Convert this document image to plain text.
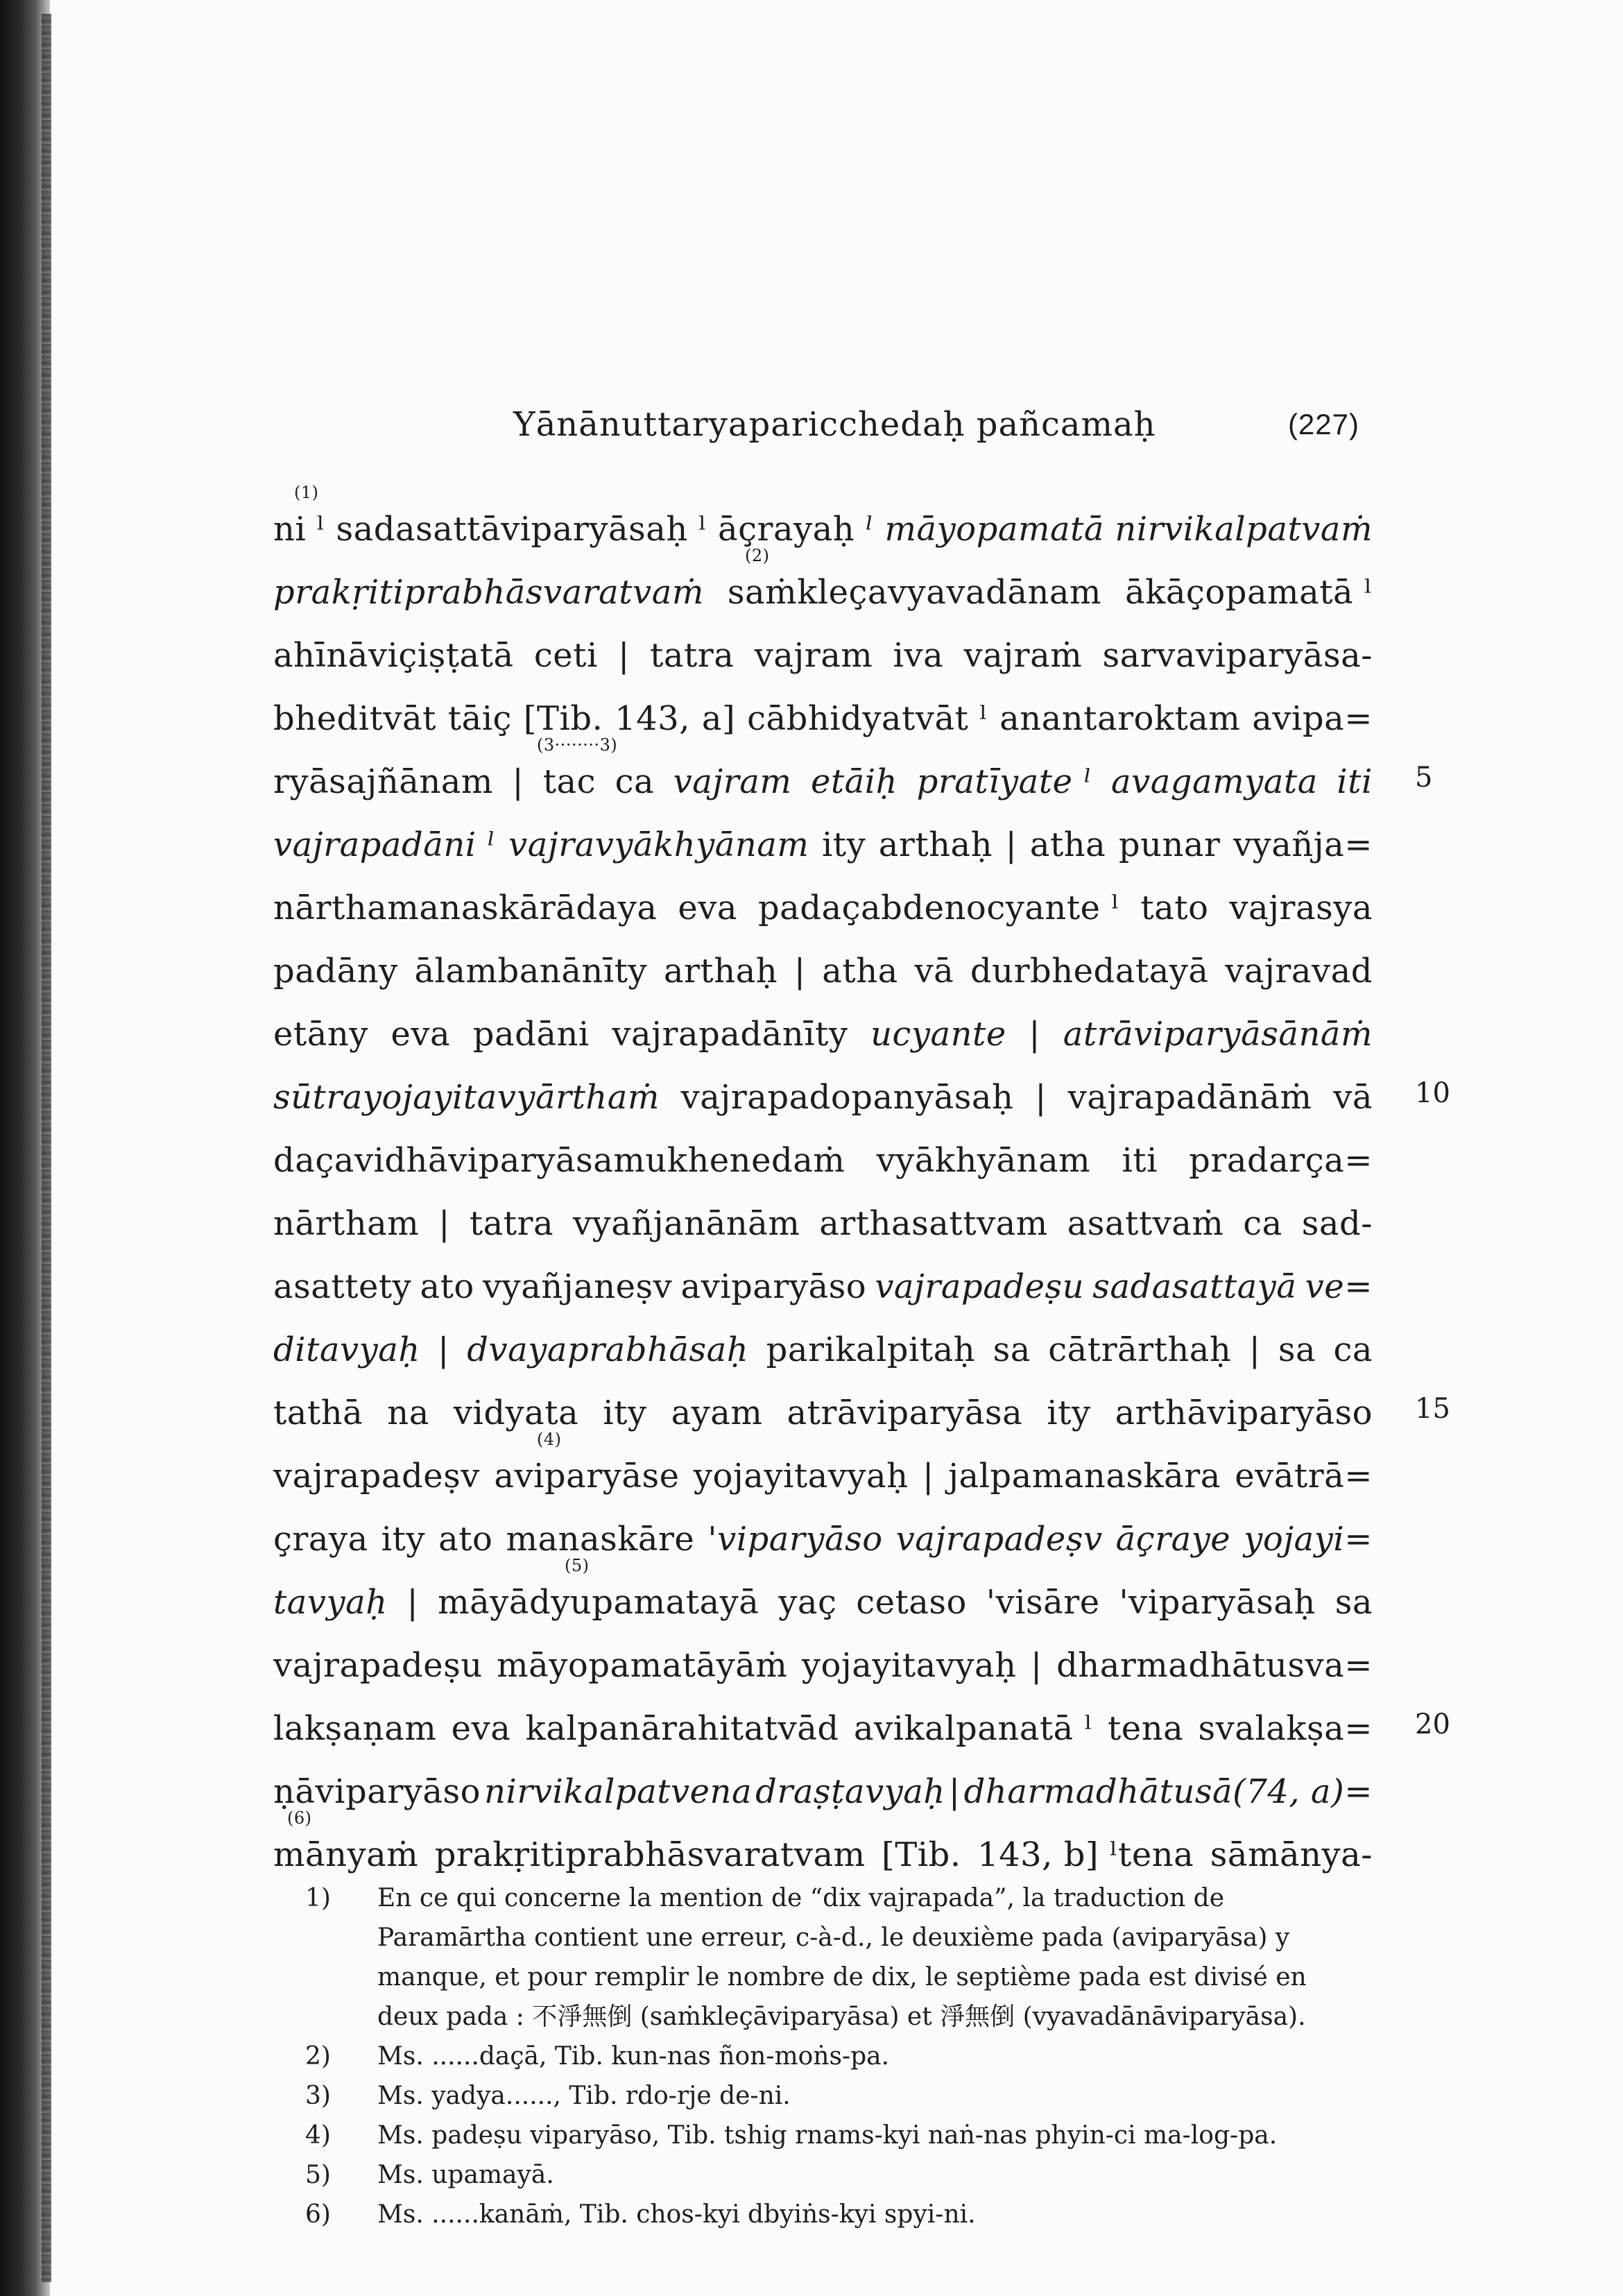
Yānānuttaryaparicchedaḥ pañcamaḥ	(227)
ni ˡ sadasattāviparyāsaḥ ˡ āçrayaḥ ˡ māyopamatā nirvikalpatvaṁ
(1)
prakṛitiprabhāsvaratvaṁ saṁkleçavyavadānam ākāçopamatā ˡ
(2)
ahīnāviçiṣṭatā ceti | tatra vajram iva vajraṁ sarvaviparyāsa-
bheditvāt tāiç [Tib. 143, a] cābhidyatvāt ˡ anantaroktam avipa=
ryāsajñānam | tac ca vajram etāiḥ pratīyate ˡ avagamyata iti
(3········3)
vajrapadāni ˡ vajravyākhyānam ity arthaḥ | atha punar vyañja=
nārthamanaskārādaya eva padaçabdenocyante ˡ tato vajrasya
padāny ālambanānīty arthaḥ | atha vā durbhedatayā vajravad
etāny eva padāni vajrapadānīty ucyante | atrāviparyāsānāṁ
sūtrayojayitavyārthaṁ vajrapadopanyāsaḥ | vajrapadānāṁ vā
daçavidhāviparyāsamukhenedaṁ vyākhyānam iti pradarça=
nārtham | tatra vyañjanānām arthasattvam asattvaṁ ca sad-
asattety ato vyañjaneṣv aviparyāso vajrapadeṣu sadasattayā ve=
ditavyaḥ | dvayaprabhāsaḥ parikalpitaḥ sa cātrārthaḥ | sa ca
tathā na vidyata ity ayam atrāviparyāsa ity arthāviparyāso
vajrapadeṣv aviparyāse yojayitavyaḥ | jalpamanaskāra evātrā=
(4)
çraya ity ato manaskāre 'viparyāso vajrapadeṣv āçraye yojayi=
tavyaḥ | māyādyupamatayā yaç cetaso 'visāre 'viparyāsaḥ sa
(5)
vajrapadeṣu māyopamatāyāṁ yojayitavyaḥ | dharmadhātusva=
lakṣaṇam eva kalpanārahitatvād avikalpanatā ˡ tena svalakṣa=
ṇāviparyāso nirvikalpatvena draṣṭavyaḥ | dharmadhātusā(74, a)=
mānyaṁ prakṛitiprabhāsvaratvam [Tib. 143, b] ˡtena sāmānya-
(6)
5
10
15
20
1) En ce qui concerne la mention de “dix vajrapada”, la traduction de Paramārtha contient une erreur, c-à-d., le deuxième pada (aviparyāsa) y manque, et pour remplir le nombre de dix, le septième pada est divisé en deux pada : 不淨無倒 (saṁkleçāviparyāsa) et 淨無倒 (vyavadānāviparyāsa).
2) Ms. ......daçā, Tib. kun-nas ñon-moṅs-pa.
3) Ms. yadya......, Tib. rdo-rje de-ni.
4) Ms. padeṣu viparyāso, Tib. tshig rnams-kyi naṅ-nas phyin-ci ma-log-pa.
5) Ms. upamayā.
6) Ms. ......kanāṁ, Tib. chos-kyi dbyiṅs-kyi spyi-ni.
